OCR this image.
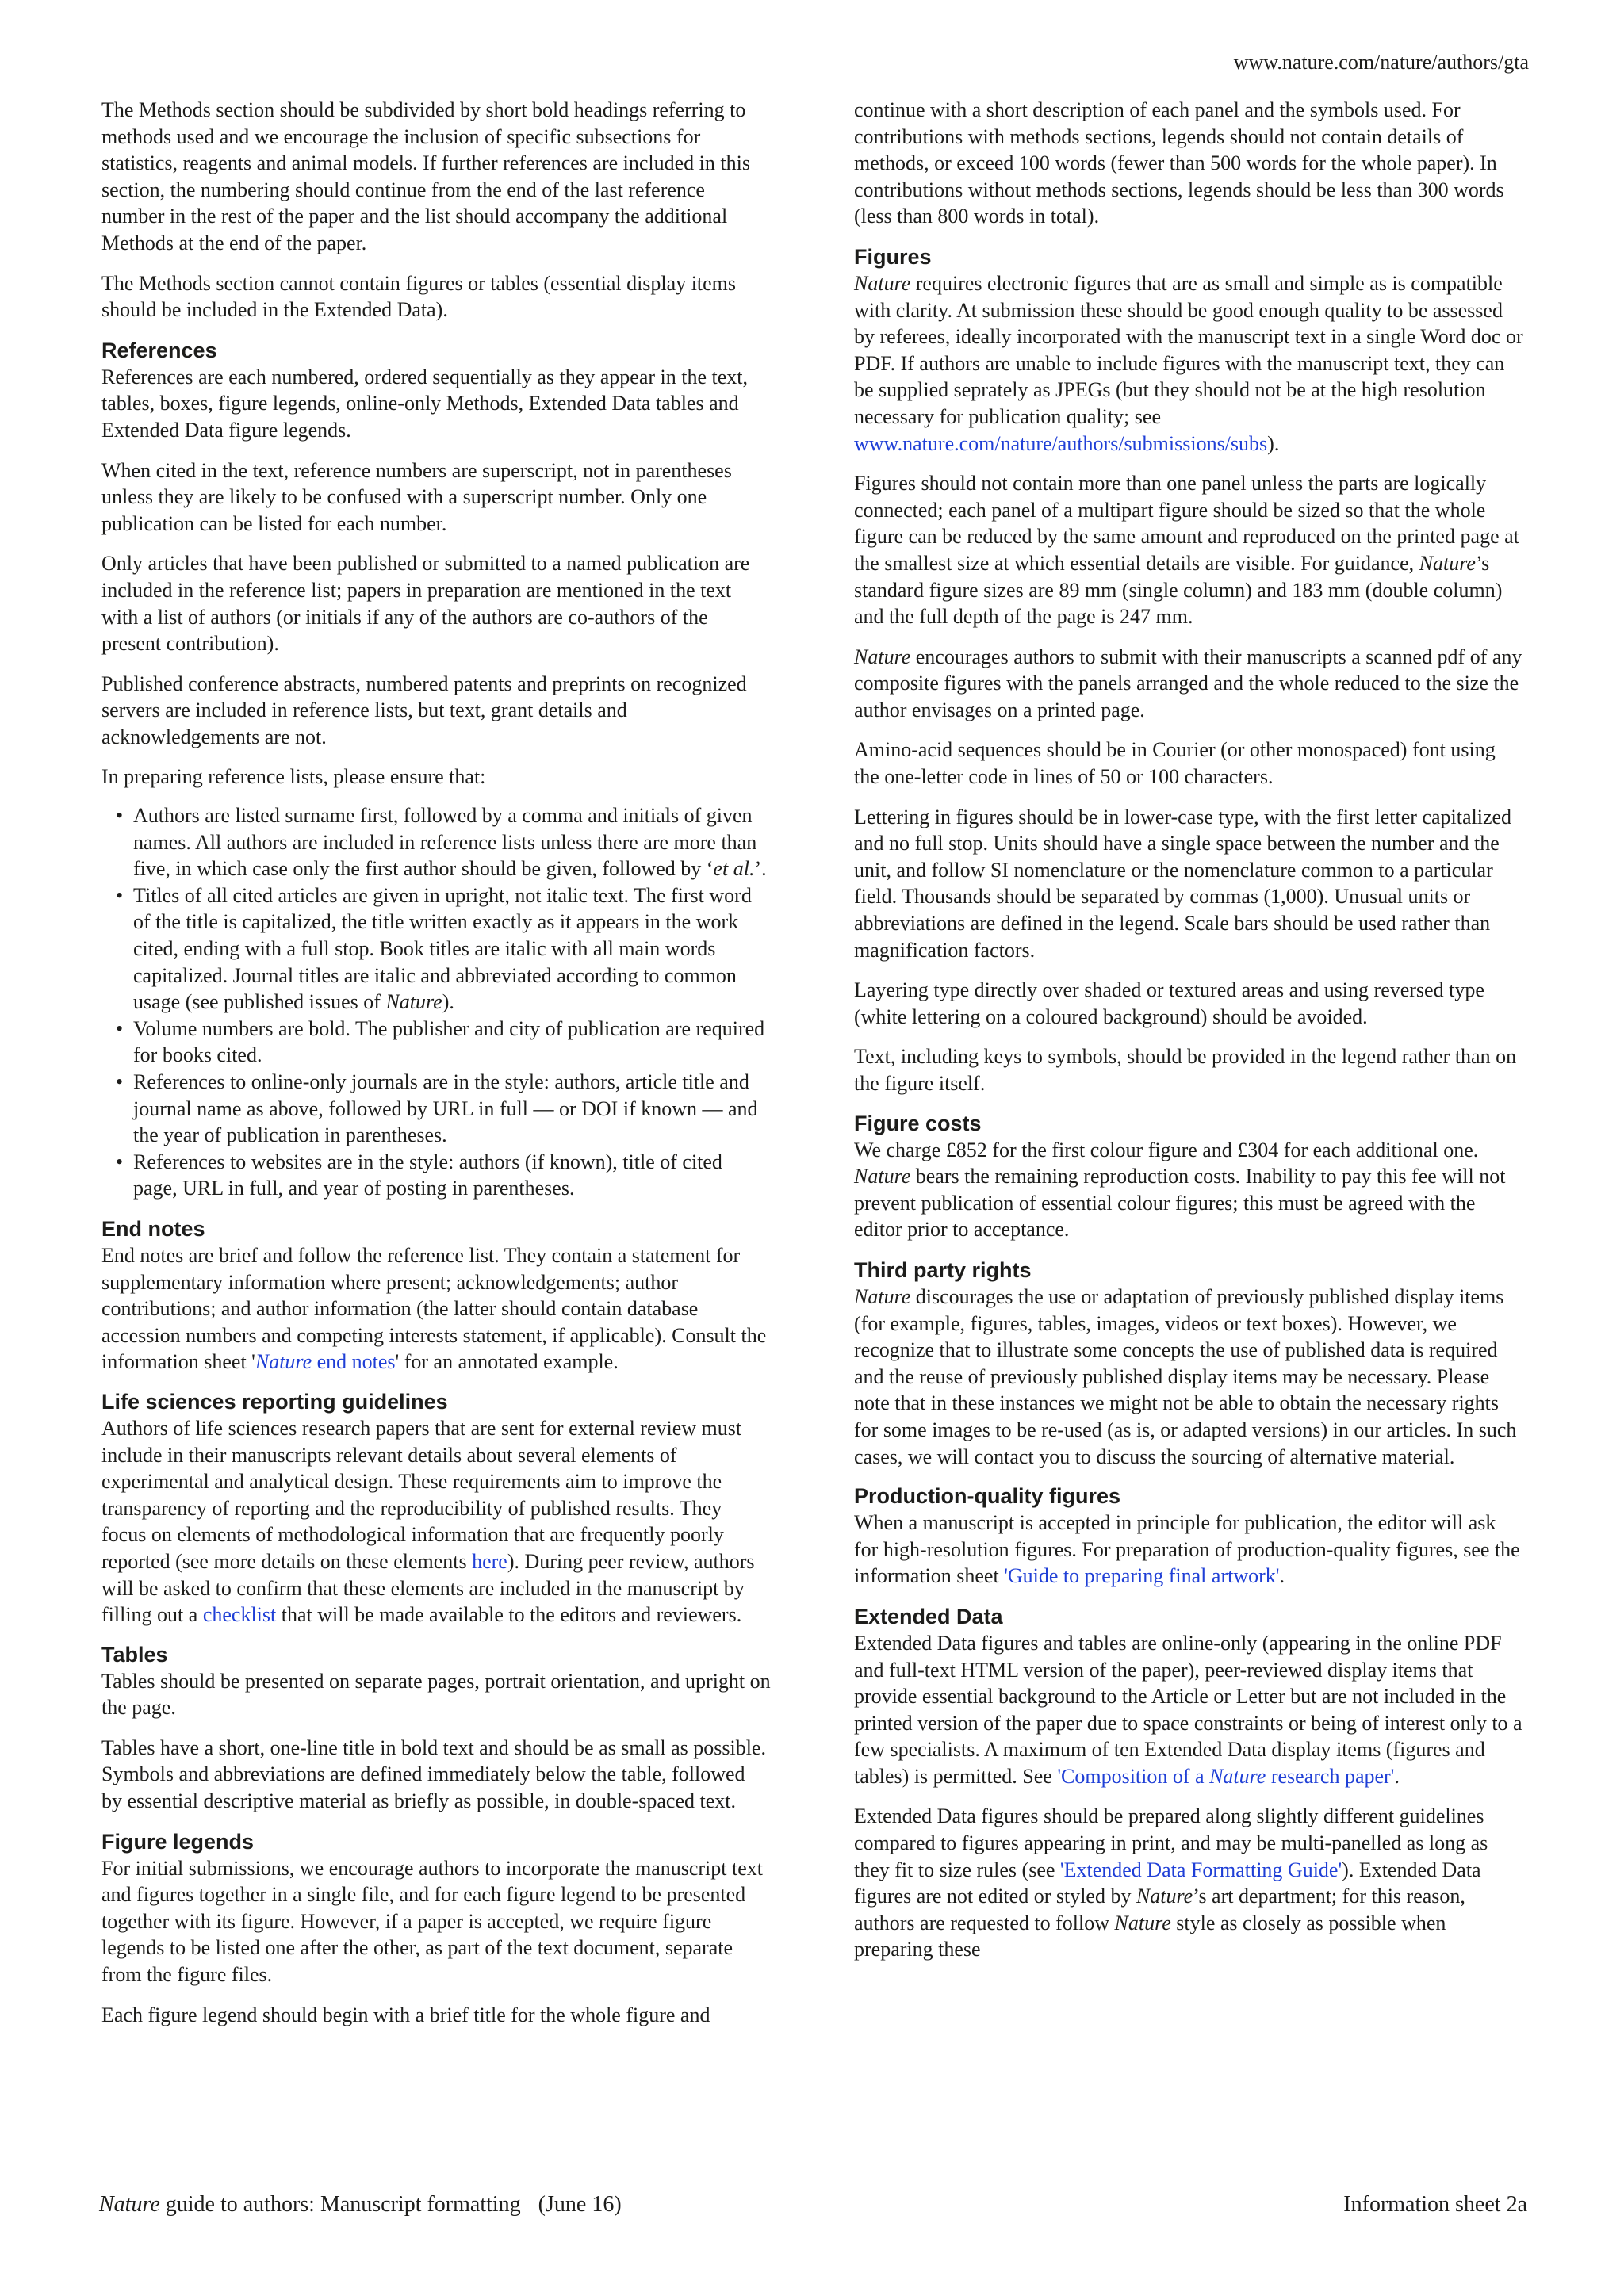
www.nature.com/nature/authors/gta

The Methods section should be subdivided by short bold headings referring to methods used and we encourage the inclusion of specific subsections for statistics, reagents and animal models. If further references are included in this section, the numbering should continue from the end of the last reference number in the rest of the paper and the list should accompany the additional Methods at the end of the paper.

The Methods section cannot contain figures or tables (essential display items should be included in the Extended Data).

References

References are each numbered, ordered sequentially as they appear in the text, tables, boxes, figure legends, online-only Methods, Extended Data tables and Extended Data figure legends.

When cited in the text, reference numbers are superscript, not in parentheses unless they are likely to be confused with a superscript number. Only one publication can be listed for each number.

Only articles that have been published or submitted to a named publication are included in the reference list; papers in preparation are mentioned in the text with a list of authors (or initials if any of the authors are co-authors of the present contribution).

Published conference abstracts, numbered patents and preprints on recognized servers are included in reference lists, but text, grant details and acknowledgements are not.

In preparing reference lists, please ensure that:

• Authors are listed surname first, followed by a comma and initials of given names. All authors are included in reference lists unless there are more than five, in which case only the first author should be given, followed by ‘et al.’.
• Titles of all cited articles are given in upright, not italic text. The first word of the title is capitalized, the title written exactly as it appears in the work cited, ending with a full stop. Book titles are italic with all main words capitalized. Journal titles are italic and abbreviated according to common usage (see published issues of Nature).
• Volume numbers are bold. The publisher and city of publication are required for books cited.
• References to online-only journals are in the style: authors, article title and journal name as above, followed by URL in full — or DOI if known — and the year of publication in parentheses.
• References to websites are in the style: authors (if known), title of cited page, URL in full, and year of posting in parentheses.
End notes

End notes are brief and follow the reference list. They contain a statement for supplementary information where present; acknowledgements; author contributions; and author information (the latter should contain database accession numbers and competing interests statement, if applicable). Consult the information sheet 'Nature end notes' for an annotated example.

Life sciences reporting guidelines

Authors of life sciences research papers that are sent for external review must include in their manuscripts relevant details about several elements of experimental and analytical design. These requirements aim to improve the transparency of reporting and the reproducibility of published results. They focus on elements of methodological information that are frequently poorly reported (see more details on these elements here). During peer review, authors will be asked to confirm that these elements are included in the manuscript by filling out a checklist that will be made available to the editors and reviewers.

Tables

Tables should be presented on separate pages, portrait orientation, and upright on the page.

Tables have a short, one-line title in bold text and should be as small as possible. Symbols and abbreviations are defined immediately below the table, followed by essential descriptive material as briefly as possible, in double-spaced text.

Figure legends

For initial submissions, we encourage authors to incorporate the manuscript text and figures together in a single file, and for each figure legend to be presented together with its figure. However, if a paper is accepted, we require figure legends to be listed one after the other, as part of the text document, separate from the figure files.

Each figure legend should begin with a brief title for the whole figure and

continue with a short description of each panel and the symbols used. For contributions with methods sections, legends should not contain details of methods, or exceed 100 words (fewer than 500 words for the whole paper). In contributions without methods sections, legends should be less than 300 words (less than 800 words in total).

Figures

Nature requires electronic figures that are as small and simple as is compatible with clarity. At submission these should be good enough quality to be assessed by referees, ideally incorporated with the manuscript text in a single Word doc or PDF. If authors are unable to include figures with the manuscript text, they can be supplied seprately as JPEGs (but they should not be at the high resolution necessary for publication quality; see www.nature.com/nature/authors/submissions/subs).

Figures should not contain more than one panel unless the parts are logically connected; each panel of a multipart figure should be sized so that the whole figure can be reduced by the same amount and reproduced on the printed page at the smallest size at which essential details are visible. For guidance, Nature’s standard figure sizes are 89 mm (single column) and 183 mm (double column) and the full depth of the page is 247 mm.

Nature encourages authors to submit with their manuscripts a scanned pdf of any composite figures with the panels arranged and the whole reduced to the size the author envisages on a printed page.

Amino-acid sequences should be in Courier (or other monospaced) font using the one-letter code in lines of 50 or 100 characters.

Lettering in figures should be in lower-case type, with the first letter capitalized and no full stop. Units should have a single space between the number and the unit, and follow SI nomenclature or the nomenclature common to a particular field. Thousands should be separated by commas (1,000). Unusual units or abbreviations are defined in the legend. Scale bars should be used rather than magnification factors.

Layering type directly over shaded or textured areas and using reversed type (white lettering on a coloured background) should be avoided.

Text, including keys to symbols, should be provided in the legend rather than on the figure itself.

Figure costs

We charge £852 for the first colour figure and £304 for each additional one. Nature bears the remaining reproduction costs. Inability to pay this fee will not prevent publication of essential colour figures; this must be agreed with the editor prior to acceptance.

Third party rights

Nature discourages the use or adaptation of previously published display items (for example, figures, tables, images, videos or text boxes). However, we recognize that to illustrate some concepts the use of published data is required and the reuse of previously published display items may be necessary. Please note that in these instances we might not be able to obtain the necessary rights for some images to be re-used (as is, or adapted versions) in our articles. In such cases, we will contact you to discuss the sourcing of alternative material.

Production-quality figures

When a manuscript is accepted in principle for publication, the editor will ask for high-resolution figures. For preparation of production-quality figures, see the information sheet 'Guide to preparing final artwork'.

Extended Data

Extended Data figures and tables are online-only (appearing in the online PDF and full-text HTML version of the paper), peer-reviewed display items that provide essential background to the Article or Letter but are not included in the printed version of the paper due to space constraints or being of interest only to a few specialists. A maximum of ten Extended Data display items (figures and tables) is permitted. See 'Composition of a Nature research paper'.

Extended Data figures should be prepared along slightly different guidelines compared to figures appearing in print, and may be multi-panelled as long as they fit to size rules (see 'Extended Data Formatting Guide'). Extended Data figures are not edited or styled by Nature’s art department; for this reason, authors are requested to follow Nature style as closely as possible when preparing these

Nature guide to authors: Manuscript formatting (June 16)	Information sheet 2a
